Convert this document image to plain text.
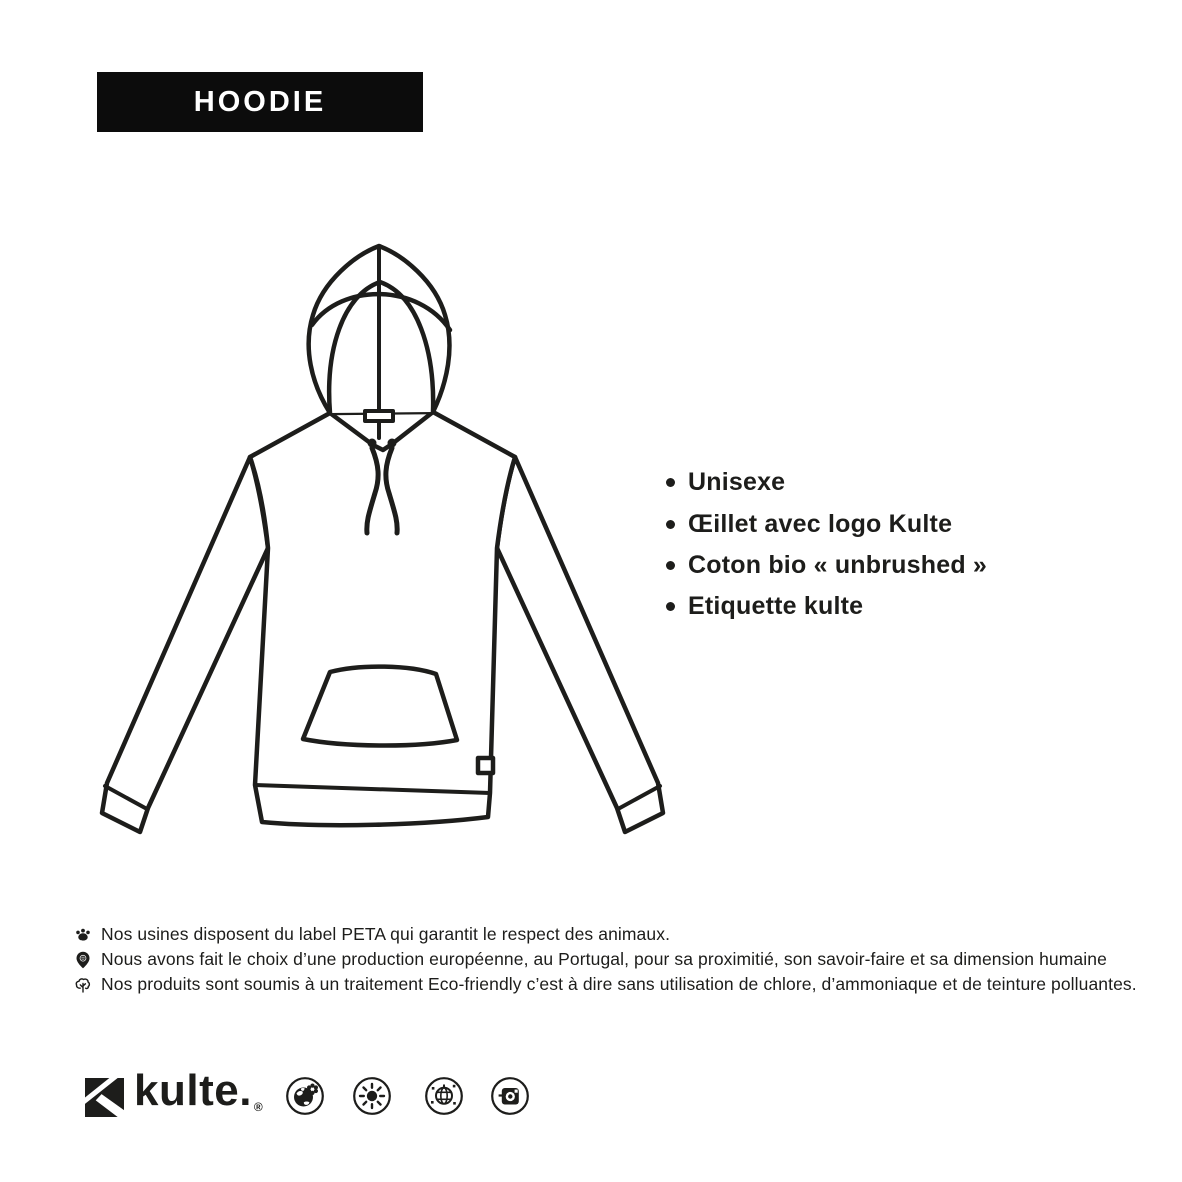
HOODIE
Unisexe
Œillet avec logo Kulte
Coton bio « unbrushed »
Etiquette kulte
Nos usines disposent du label PETA qui garantit le respect des animaux.
Nous avons fait le choix d’une production européenne, au Portugal, pour sa proximitié, son savoir-faire et sa dimension humaine
Nos produits sont soumis à un traitement Eco-friendly c’est à dire sans utilisation de chlore, d’ammoniaque et de teinture polluantes.
kulte. ®
